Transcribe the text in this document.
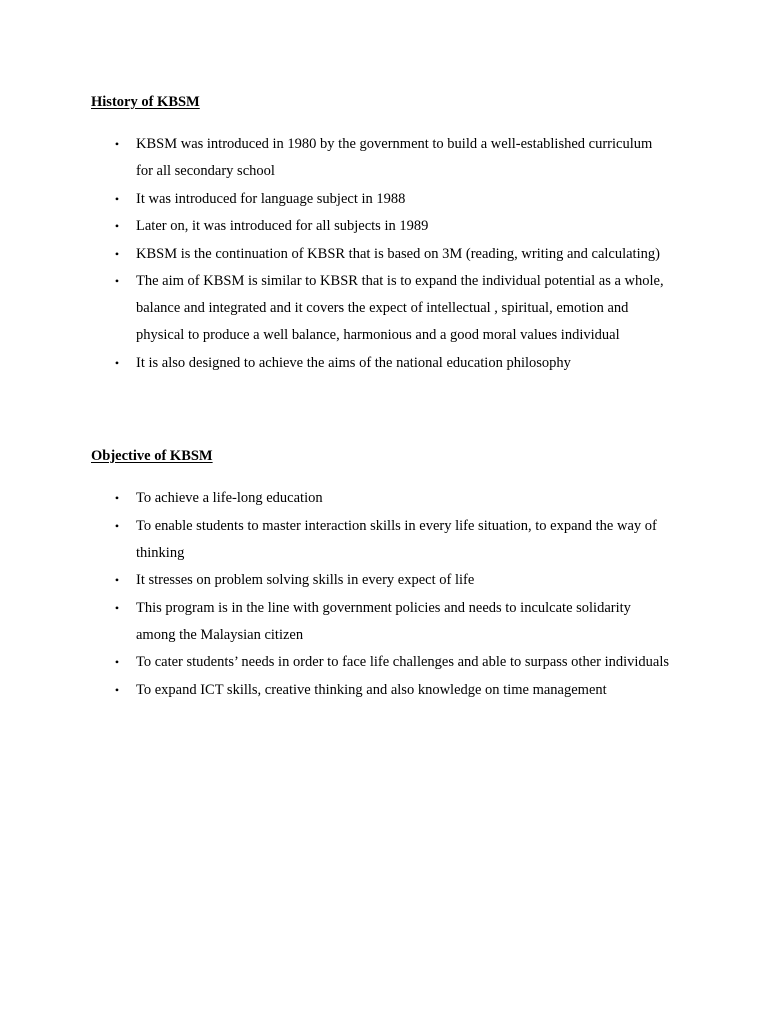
History of KBSM
• KBSM was introduced in 1980 by the government to build a well-established curriculum for all secondary school
• It was introduced for language subject in 1988
• Later on, it was introduced for all subjects in 1989
• KBSM is the continuation of KBSR that is based on 3M (reading, writing and calculating)
• The aim of KBSM is similar to KBSR that is to expand the individual potential as a whole, balance and integrated and it covers the expect of intellectual , spiritual, emotion and physical to produce a well balance, harmonious and a good moral values individual
• It is also designed to achieve the aims of the national education philosophy
Objective of KBSM
• To achieve a life-long education
• To enable students to master interaction skills in every life situation, to expand the way of thinking
• It stresses on problem solving skills in every expect of life
• This program is in the line with government policies and needs to inculcate solidarity among the Malaysian citizen
• To cater students’ needs in order to face life challenges and able to surpass other individuals
• To expand ICT skills, creative thinking and also knowledge on time management
